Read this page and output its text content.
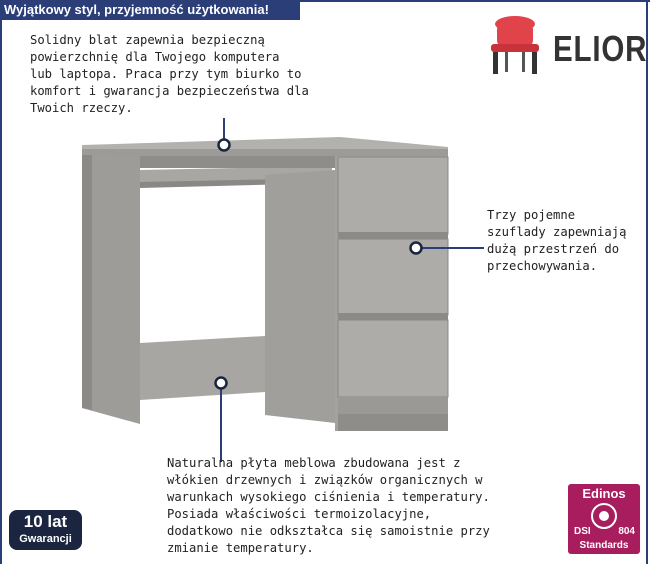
Wyjątkowy styl, przyjemność użytkowania!
ELIOR
Solidny blat zapewnia bezpieczną
powierzchnię dla Twojego komputera
lub laptopa. Praca przy tym biurko to
komfort i gwarancja bezpieczeństwa dla
Twoich rzeczy.
Trzy pojemne
szuflady zapewniają
dużą przestrzeń do
przechowywania.
Naturalna płyta meblowa zbudowana jest z
włókien drzewnych i związków organicznych w
warunkach wysokiego ciśnienia i temperatury.
Posiada właściwości termoizolacyjne,
dodatkowo nie odkształca się samoistnie przy
zmianie temperatury.
10 lat
Gwarancji
Edinos
DSI	804
Standards
